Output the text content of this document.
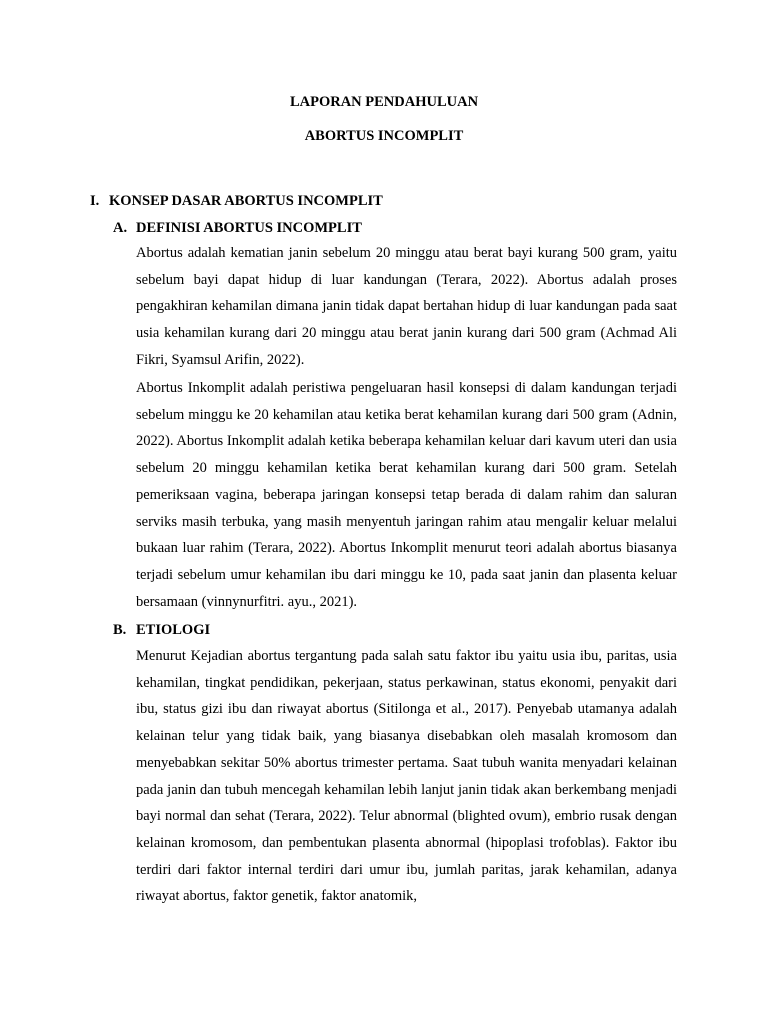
LAPORAN PENDAHULUAN
ABORTUS INCOMPLIT
I. KONSEP DASAR ABORTUS INCOMPLIT
A. DEFINISI ABORTUS INCOMPLIT

Abortus adalah kematian janin sebelum 20 minggu atau berat bayi kurang 500 gram, yaitu sebelum bayi dapat hidup di luar kandungan (Terara, 2022). Abortus adalah proses pengakhiran kehamilan dimana janin tidak dapat bertahan hidup di luar kandungan pada saat usia kehamilan kurang dari 20 minggu atau berat janin kurang dari 500 gram (Achmad Ali Fikri, Syamsul Arifin, 2022).

Abortus Inkomplit adalah peristiwa pengeluaran hasil konsepsi di dalam kandungan terjadi sebelum minggu ke 20 kehamilan atau ketika berat kehamilan kurang dari 500 gram (Adnin, 2022). Abortus Inkomplit adalah ketika beberapa kehamilan keluar dari kavum uteri dan usia sebelum 20 minggu kehamilan ketika berat kehamilan kurang dari 500 gram. Setelah pemeriksaan vagina, beberapa jaringan konsepsi tetap berada di dalam rahim dan saluran serviks masih terbuka, yang masih menyentuh jaringan rahim atau mengalir keluar melalui bukaan luar rahim (Terara, 2022). Abortus Inkomplit menurut teori adalah abortus biasanya terjadi sebelum umur kehamilan ibu dari minggu ke 10, pada saat janin dan plasenta keluar bersamaan (vinnynurfitri. ayu., 2021).

B. ETIOLOGI

Menurut Kejadian abortus tergantung pada salah satu faktor ibu yaitu usia ibu, paritas, usia kehamilan, tingkat pendidikan, pekerjaan, status perkawinan, status ekonomi, penyakit dari ibu, status gizi ibu dan riwayat abortus (Sitilonga et al., 2017). Penyebab utamanya adalah kelainan telur yang tidak baik, yang biasanya disebabkan oleh masalah kromosom dan menyebabkan sekitar 50% abortus trimester pertama. Saat tubuh wanita menyadari kelainan pada janin dan tubuh mencegah kehamilan lebih lanjut janin tidak akan berkembang menjadi bayi normal dan sehat (Terara, 2022). Telur abnormal (blighted ovum), embrio rusak dengan kelainan kromosom, dan pembentukan plasenta abnormal (hipoplasi trofoblas). Faktor ibu terdiri dari faktor internal terdiri dari umur ibu, jumlah paritas, jarak kehamilan, adanya riwayat abortus, faktor genetik, faktor anatomik,
